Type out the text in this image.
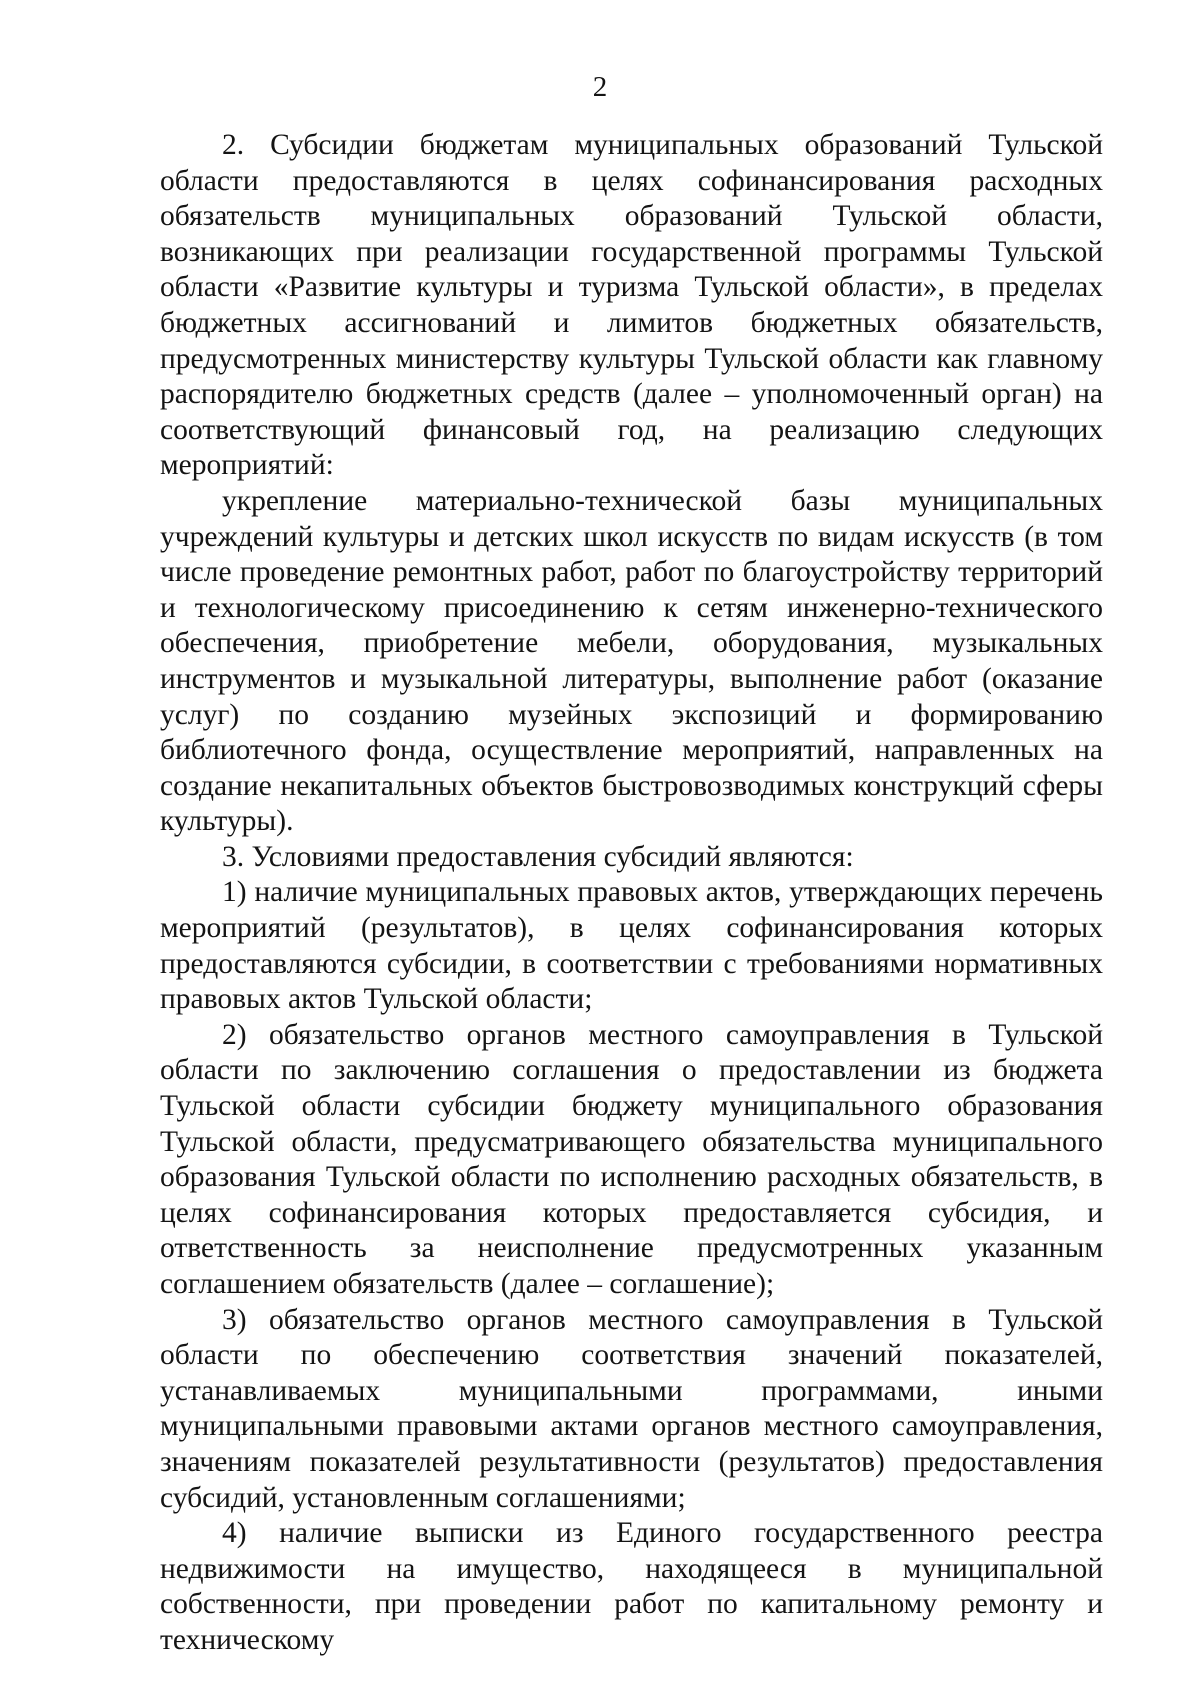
2

2. Субсидии бюджетам муниципальных образований Тульской области предоставляются в целях софинансирования расходных обязательств муниципальных образований Тульской области, возникающих при реализации государственной программы Тульской области «Развитие культуры и туризма Тульской области», в пределах бюджетных ассигнований и лимитов бюджетных обязательств, предусмотренных министерству культуры Тульской области как главному распорядителю бюджетных средств (далее – уполномоченный орган) на соответствующий финансовый год, на реализацию следующих мероприятий:

укрепление материально-технической базы муниципальных учреждений культуры и детских школ искусств по видам искусств (в том числе проведение ремонтных работ, работ по благоустройству территорий и технологическому присоединению к сетям инженерно-технического обеспечения, приобретение мебели, оборудования, музыкальных инструментов и музыкальной литературы, выполнение работ (оказание услуг) по созданию музейных экспозиций и формированию библиотечного фонда, осуществление мероприятий, направленных на создание некапитальных объектов быстровозводимых конструкций сферы культуры).

3. Условиями предоставления субсидий являются:

1) наличие муниципальных правовых актов, утверждающих перечень мероприятий (результатов), в целях софинансирования которых предоставляются субсидии, в соответствии с требованиями нормативных правовых актов Тульской области;

2) обязательство органов местного самоуправления в Тульской области по заключению соглашения о предоставлении из бюджета Тульской области субсидии бюджету муниципального образования Тульской области, предусматривающего обязательства муниципального образования Тульской области по исполнению расходных обязательств, в целях софинансирования которых предоставляется субсидия, и ответственность за неисполнение предусмотренных указанным соглашением обязательств (далее – соглашение);

3) обязательство органов местного самоуправления в Тульской области по обеспечению соответствия значений показателей, устанавливаемых муниципальными программами, иными муниципальными правовыми актами органов местного самоуправления, значениям показателей результативности (результатов) предоставления субсидий, установленным соглашениями;

4) наличие выписки из Единого государственного реестра недвижимости на имущество, находящееся в муниципальной собственности, при проведении работ по капитальному ремонту и техническому
